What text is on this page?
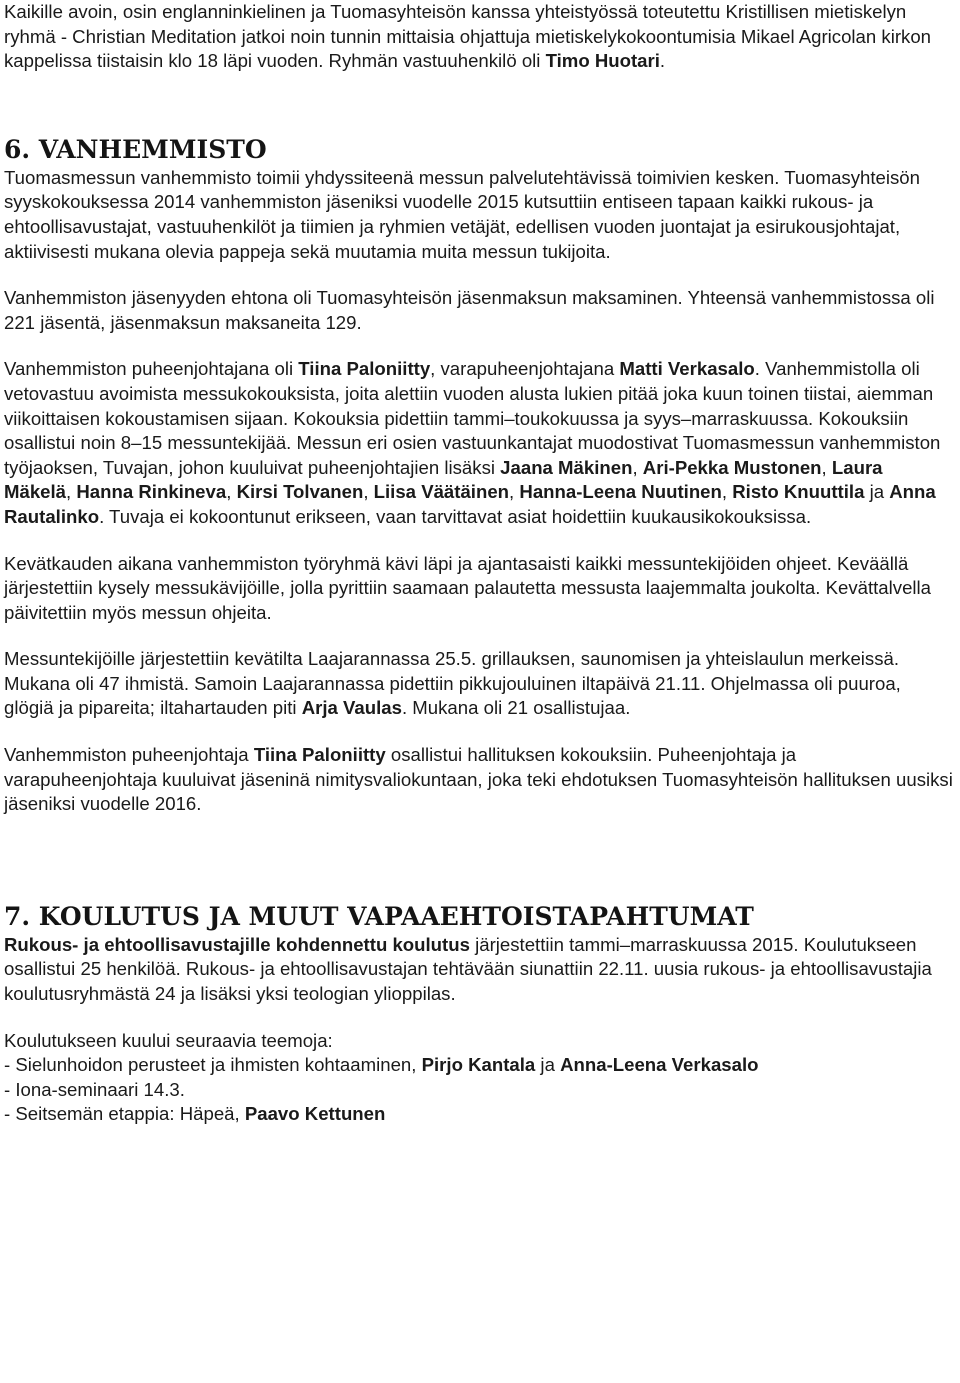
Kaikille avoin, osin englanninkielinen ja Tuomasyhteisön kanssa yhteistyössä toteutettu Kristillisen mietiskelyn ryhmä - Christian Meditation jatkoi noin tunnin mittaisia ohjattuja mietiskelykokoontumisia Mikael Agricolan kirkon kappelissa tiistaisin klo 18 läpi vuoden. Ryhmän vastuuhenkilö oli Timo Huotari.

6. VANHEMMISTO

Tuomasmessun vanhemmisto toimii yhdyssiteenä messun palvelutehtävissä toimivien kesken. Tuomasyhteisön syyskokouksessa 2014 vanhemmiston jäseniksi vuodelle 2015 kutsuttiin entiseen tapaan kaikki rukous- ja ehtoollisavustajat, vastuuhenkilöt ja tiimien ja ryhmien vetäjät, edellisen vuoden juontajat ja esirukousjohtajat, aktiivisesti mukana olevia pappeja sekä muutamia muita messun tukijoita.

Vanhemmiston jäsenyyden ehtona oli Tuomasyhteisön jäsenmaksun maksaminen. Yhteensä vanhemmistossa oli 221 jäsentä, jäsenmaksun maksaneita 129.

Vanhemmiston puheenjohtajana oli Tiina Paloniitty, varapuheenjohtajana Matti Verkasalo. Vanhemmistolla oli vetovastuu avoimista messukokouksista, joita alettiin vuoden alusta lukien pitää joka kuun toinen tiistai, aiemman viikoittaisen kokoustamisen sijaan. Kokouksia pidettiin tammi–toukokuussa ja syys–marraskuussa. Kokouksiin osallistui noin 8–15 messuntekijää. Messun eri osien vastuunkantajat muodostivat Tuomasmessun vanhemmiston työjaoksen, Tuvajan, johon kuuluivat puheenjohtajien lisäksi Jaana Mäkinen, Ari-Pekka Mustonen, Laura Mäkelä, Hanna Rinkineva, Kirsi Tolvanen, Liisa Väätäinen, Hanna-Leena Nuutinen, Risto Knuuttila ja Anna Rautalinko. Tuvaja ei kokoontunut erikseen, vaan tarvittavat asiat hoidettiin kuukausikokouksissa.

Kevätkauden aikana vanhemmiston työryhmä kävi läpi ja ajantasaisti kaikki messuntekijöiden ohjeet. Keväällä järjestettiin kysely messukävijöille, jolla pyrittiin saamaan palautetta messusta laajemmalta joukolta. Kevättalvella päivitettiin myös messun ohjeita.

Messuntekijöille järjestettiin kevätilta Laajarannassa 25.5. grillauksen, saunomisen ja yhteislaulun merkeissä. Mukana oli 47 ihmistä. Samoin Laajarannassa pidettiin pikkujouluinen iltapäivä 21.11. Ohjelmassa oli puuroa, glögiä ja pipareita; iltahartauden piti Arja Vaulas. Mukana oli 21 osallistujaa.

Vanhemmiston puheenjohtaja Tiina Paloniitty osallistui hallituksen kokouksiin. Puheenjohtaja ja varapuheenjohtaja kuuluivat jäseninä nimitysvaliokuntaan, joka teki ehdotuksen Tuomasyhteisön hallituksen uusiksi jäseniksi vuodelle 2016.

7. KOULUTUS JA MUUT VAPAAEHTOISTAPAHTUMAT

Rukous- ja ehtoollisavustajille kohdennettu koulutus järjestettiin tammi–marraskuussa 2015. Koulutukseen osallistui 25 henkilöä. Rukous- ja ehtoollisavustajan tehtävään siunattiin 22.11. uusia rukous- ja ehtoollisavustajia koulutusryhmästä 24 ja lisäksi yksi teologian ylioppilas.

Koulutukseen kuului seuraavia teemoja:
- Sielunhoidon perusteet ja ihmisten kohtaaminen, Pirjo Kantala ja Anna-Leena Verkasalo
- Iona-seminaari 14.3.
- Seitsemän etappia: Häpeä, Paavo Kettunen
